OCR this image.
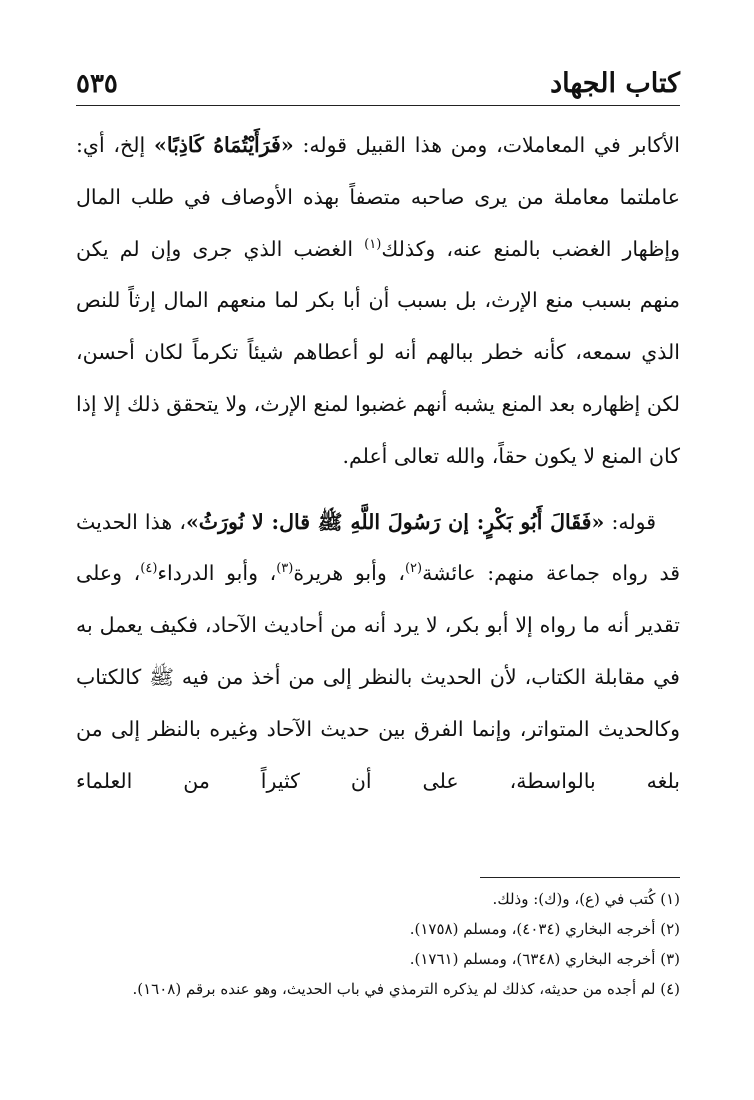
كتاب الجهاد
٥٣٥

الأكابر في المعاملات، ومن هذا القبيل قوله: «فَرَأَيْتُمَاهُ كَاذِبًا» إلخ، أي: عاملتما معاملة من يرى صاحبه متصفاً بهذه الأوصاف في طلب المال وإظهار الغضب بالمنع عنه، وكذلك$^{(١)}$ الغضب الذي جرى وإن لم يكن منهم بسبب منع الإرث، بل بسبب أن أبا بكر لما منعهم المال إرثاً للنص الذي سمعه، كأنه خطر ببالهم أنه لو أعطاهم شيئاً تكرماً لكان أحسن، لكن إظهاره بعد المنع يشبه أنهم غضبوا لمنع الإرث، ولا يتحقق ذلك إلا إذا كان المنع لا يكون حقاً، والله تعالى أعلم.

قوله: «فَقَالَ أَبُو بَكْرٍ: إن رَسُولَ اللَّهِ ﷺ قال: لا نُورَثُ»، هذا الحديث قد رواه جماعة منهم: عائشة$^{(٢)}$، وأبو هريرة$^{(٣)}$، وأبو الدرداء$^{(٤)}$، وعلى تقدير أنه ما رواه إلا أبو بكر، لا يرد أنه من أحاديث الآحاد، فكيف يعمل به في مقابلة الكتاب، لأن الحديث بالنظر إلى من أخذ من فيه ﷺ كالكتاب وكالحديث المتواتر، وإنما الفرق بين حديث الآحاد وغيره بالنظر إلى من بلغه بالواسطة، على أن كثيراً من العلماء

(١) كُتب في (ع)، و(ك): وذلك.

(٢) أخرجه البخاري (٤٠٣٤)، ومسلم (١٧٥٨).

(٣) أخرجه البخاري (٦٣٤٨)، ومسلم (١٧٦١).

(٤) لم أجده من حديثه، كذلك لم يذكره الترمذي في باب الحديث، وهو عنده برقم (١٦٠٨).
